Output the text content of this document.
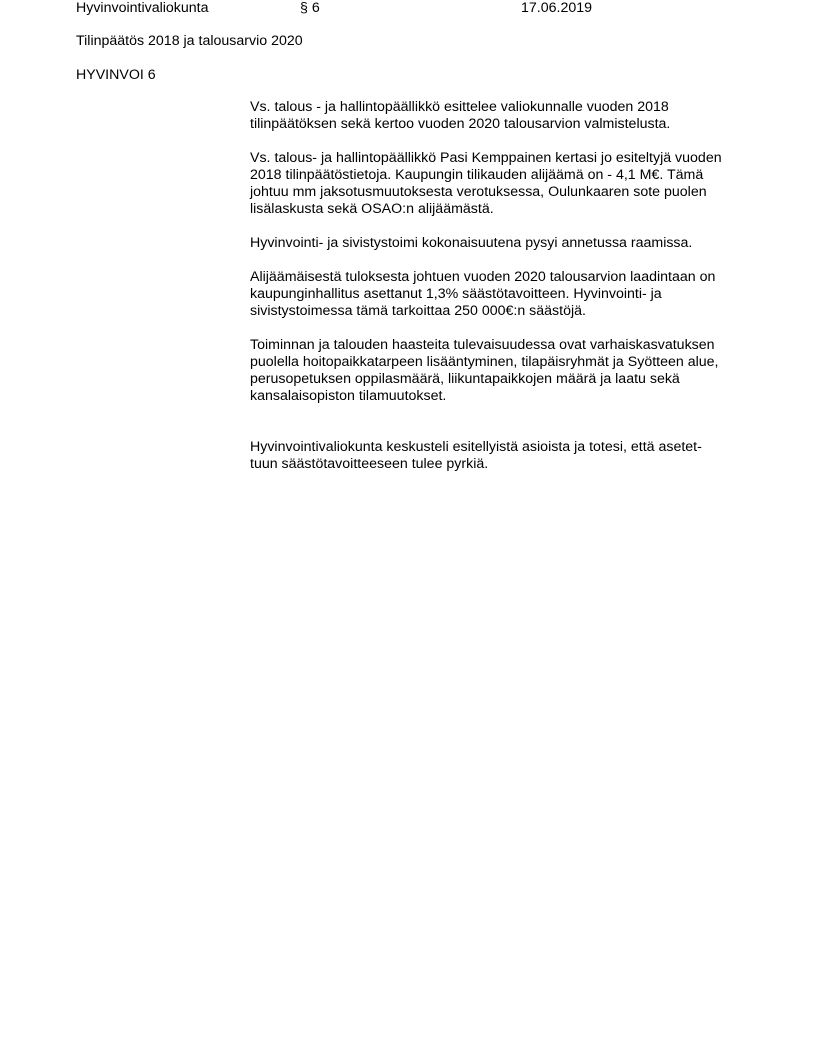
Hyvinvointivaliokunta	§ 6	17.06.2019
Tilinpäätös 2018 ja talousarvio 2020
HYVINVOI 6

Vs. talous - ja hallintopäällikkö esittelee valiokunnalle vuoden 2018
tilinpäätöksen sekä kertoo vuoden 2020 talousarvion valmistelusta.

Vs. talous- ja hallintopäällikkö Pasi Kemppainen kertasi jo esiteltyjä vuoden
2018 tilinpäätöstietoja. Kaupungin tilikauden alijäämä on - 4,1 M€. Tämä
johtuu mm jaksotusmuutoksesta verotuksessa, Oulunkaaren sote puolen
lisälaskusta sekä OSAO:n alijäämästä.

Hyvinvointi- ja sivistystoimi kokonaisuutena pysyi annetussa raamissa.

Alijäämäisestä tuloksesta johtuen vuoden 2020 talousarvion laadintaan on
kaupunginhallitus asettanut 1,3% säästötavoitteen. Hyvinvointi- ja
sivistystoimessa tämä tarkoittaa 250 000€:n säästöjä.

Toiminnan ja talouden haasteita tulevaisuudessa ovat varhaiskasvatuksen
puolella hoitopaikkatarpeen lisääntyminen, tilapäisryhmät ja Syötteen alue,
perusopetuksen oppilasmäärä, liikuntapaikkojen määrä ja laatu sekä
kansalaisopiston tilamuutokset.

Hyvinvointivaliokunta keskusteli esitellyistä asioista ja totesi, että asetet-
tuun säästötavoitteeseen tulee pyrkiä.
